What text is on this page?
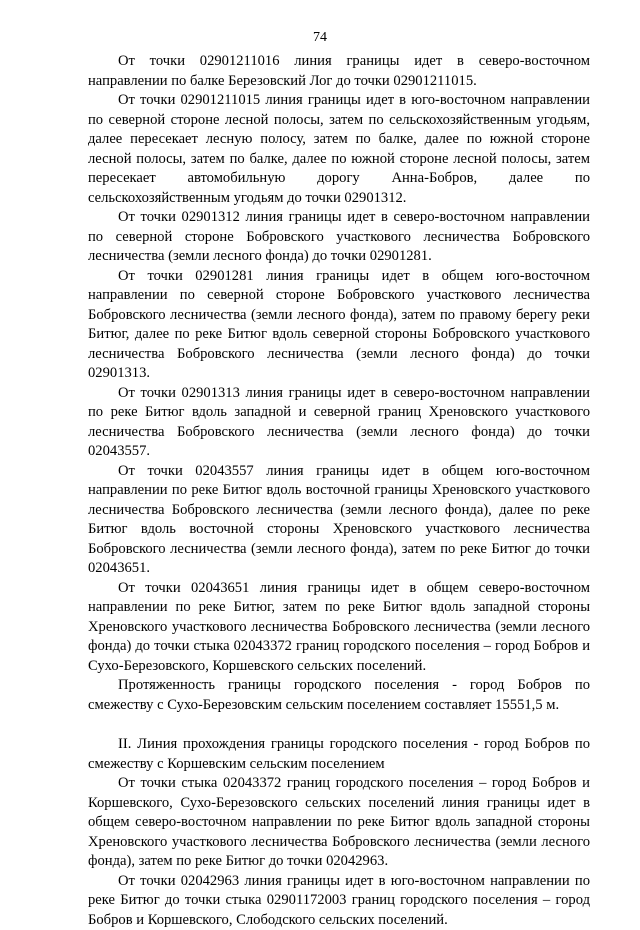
74

От точки 02901211016 линия границы идет в северо-восточном направлении по балке Березовский Лог до точки 02901211015.

От точки 02901211015 линия границы идет в юго-восточном направлении по северной стороне лесной полосы, затем по сельскохозяйственным угодьям, далее пересекает лесную полосу, затем по балке, далее по южной стороне лесной полосы, затем по балке, далее по южной стороне лесной полосы, затем пересекает автомобильную дорогу Анна-Бобров, далее по сельскохозяйственным угодьям до точки 02901312.

От точки 02901312 линия границы идет в северо-восточном направлении по северной стороне Бобровского участкового лесничества Бобровского лесничества (земли лесного фонда) до точки 02901281.

От точки 02901281 линия границы идет в общем юго-восточном направлении по северной стороне Бобровского участкового лесничества Бобровского лесничества (земли лесного фонда), затем по правому берегу реки Битюг, далее по реке Битюг вдоль северной стороны Бобровского участкового лесничества Бобровского лесничества (земли лесного фонда) до точки 02901313.

От точки 02901313 линия границы идет в северо-восточном направлении по реке Битюг вдоль западной и северной границ Хреновского участкового лесничества Бобровского лесничества (земли лесного фонда) до точки 02043557.

От точки 02043557 линия границы идет в общем юго-восточном направлении по реке Битюг вдоль восточной границы Хреновского участкового лесничества Бобровского лесничества (земли лесного фонда), далее по реке Битюг вдоль восточной стороны Хреновского участкового лесничества Бобровского лесничества (земли лесного фонда), затем по реке Битюг до точки 02043651.

От точки 02043651 линия границы идет в общем северо-восточном направлении по реке Битюг, затем по реке Битюг вдоль западной стороны Хреновского участкового лесничества Бобровского лесничества (земли лесного фонда) до точки стыка 02043372 границ городского поселения – город Бобров и Сухо-Березовского, Коршевского сельских поселений.

Протяженность границы городского поселения - город Бобров по смежеству с Сухо-Березовским сельским поселением составляет 15551,5 м.

II. Линия прохождения границы городского поселения - город Бобров по смежеству с Коршевским сельским поселением

От точки стыка 02043372 границ городского поселения – город Бобров и Коршевского, Сухо-Березовского сельских поселений линия границы идет в общем северо-восточном направлении по реке Битюг вдоль западной стороны Хреновского участкового лесничества Бобровского лесничества (земли лесного фонда), затем по реке Битюг до точки 02042963.

От точки 02042963 линия границы идет в юго-восточном направлении по реке Битюг до точки стыка 02901172003 границ городского поселения – город Бобров и Коршевского, Слободского сельских поселений.
